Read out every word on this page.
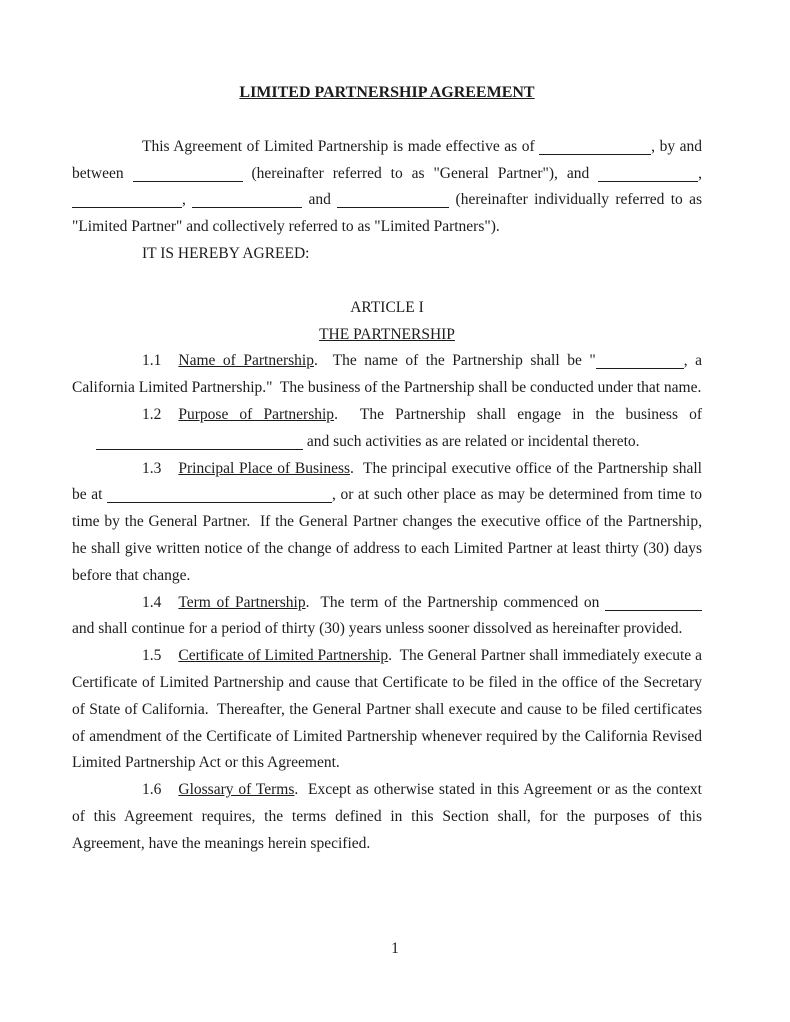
LIMITED PARTNERSHIP AGREEMENT

This Agreement of Limited Partnership is made effective as of	, by and between	(hereinafter referred to as "General Partner"), and	, ,	and	(hereinafter individually referred to as "Limited Partner" and collectively referred to as "Limited Partners").

IT IS HEREBY AGREED:

ARTICLE I

THE PARTNERSHIP

1.1 Name of Partnership.  The name of the Partnership shall be "	, a California Limited Partnership."  The business of the Partnership shall be conducted under that name.

1.2 Purpose of Partnership.  The Partnership shall engage in the business of  and such activities as are related or incidental thereto.

1.3 Principal Place of Business.  The principal executive office of the Partnership shall be at	, or at such other place as may be determined from time to time by the General Partner.  If the General Partner changes the executive office of the Partnership, he shall give written notice of the change of address to each Limited Partner at least thirty (30) days before that change.

1.4 Term of Partnership.  The term of the Partnership commenced on	and shall continue for a period of thirty (30) years unless sooner dissolved as hereinafter provided.

1.5 Certificate of Limited Partnership.  The General Partner shall immediately execute a Certificate of Limited Partnership and cause that Certificate to be filed in the office of the Secretary of State of California.  Thereafter, the General Partner shall execute and cause to be filed certificates of amendment of the Certificate of Limited Partnership whenever required by the California Revised Limited Partnership Act or this Agreement.

1.6 Glossary of Terms.  Except as otherwise stated in this Agreement or as the context of this Agreement requires, the terms defined in this Section shall, for the purposes of this Agreement, have the meanings herein specified.

1
